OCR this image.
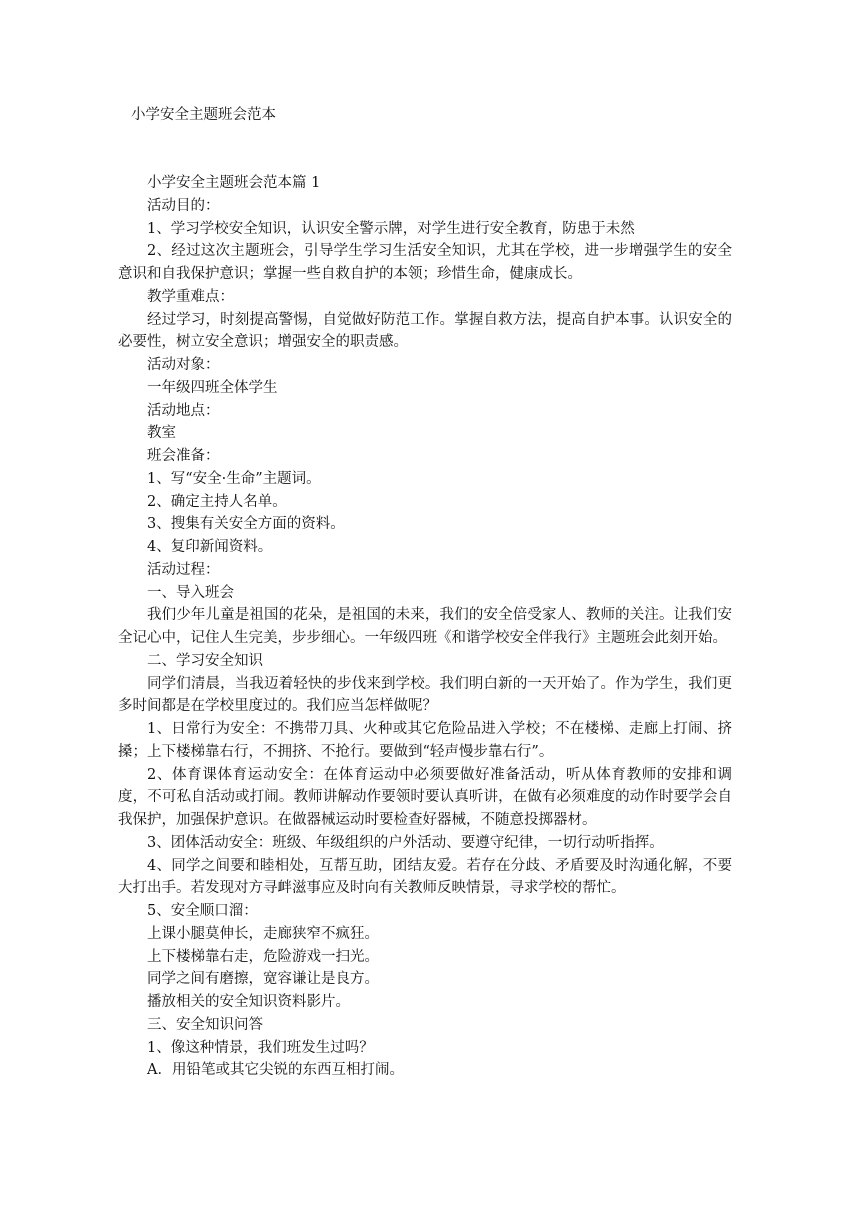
小学安全主题班会范本

小学安全主题班会范本篇 1

活动目的：

1、学习学校安全知识，认识安全警示牌，对学生进行安全教育，防患于未然

2、经过这次主题班会，引导学生学习生活安全知识，尤其在学校，进一步增强学生的安全意识和自我保护意识；掌握一些自救自护的本领；珍惜生命，健康成长。

教学重难点：

经过学习，时刻提高警惕，自觉做好防范工作。掌握自救方法，提高自护本事。认识安全的必要性，树立安全意识；增强安全的职责感。

活动对象：

一年级四班全体学生

活动地点：

教室

班会准备：

1、写“安全·生命”主题词。

2、确定主持人名单。

3、搜集有关安全方面的资料。

4、复印新闻资料。

活动过程：

一、导入班会

我们少年儿童是祖国的花朵，是祖国的未来，我们的安全倍受家人、教师的关注。让我们安全记心中，记住人生完美，步步细心。一年级四班《和谐学校安全伴我行》主题班会此刻开始。

二、学习安全知识

同学们清晨，当我迈着轻快的步伐来到学校。我们明白新的一天开始了。作为学生，我们更多时间都是在学校里度过的。我们应当怎样做呢？

1、日常行为安全：不携带刀具、火种或其它危险品进入学校；不在楼梯、走廊上打闹、挤搡；上下楼梯靠右行，不拥挤、不抢行。要做到“轻声慢步靠右行”。

2、体育课体育运动安全：在体育运动中必须要做好准备活动，听从体育教师的安排和调度，不可私自活动或打闹。教师讲解动作要领时要认真听讲，在做有必须难度的动作时要学会自我保护，加强保护意识。在做器械运动时要检查好器械，不随意投掷器材。

3、团体活动安全：班级、年级组织的户外活动、要遵守纪律，一切行动听指挥。

4、同学之间要和睦相处，互帮互助，团结友爱。若存在分歧、矛盾要及时沟通化解，不要大打出手。若发现对方寻衅滋事应及时向有关教师反映情景，寻求学校的帮忙。

5、安全顺口溜：

上课小腿莫伸长，走廊狭窄不疯狂。

上下楼梯靠右走，危险游戏一扫光。

同学之间有磨擦，宽容谦让是良方。

播放相关的安全知识资料影片。

三、安全知识问答

1、像这种情景，我们班发生过吗？

A．用铅笔或其它尖锐的东西互相打闹。
